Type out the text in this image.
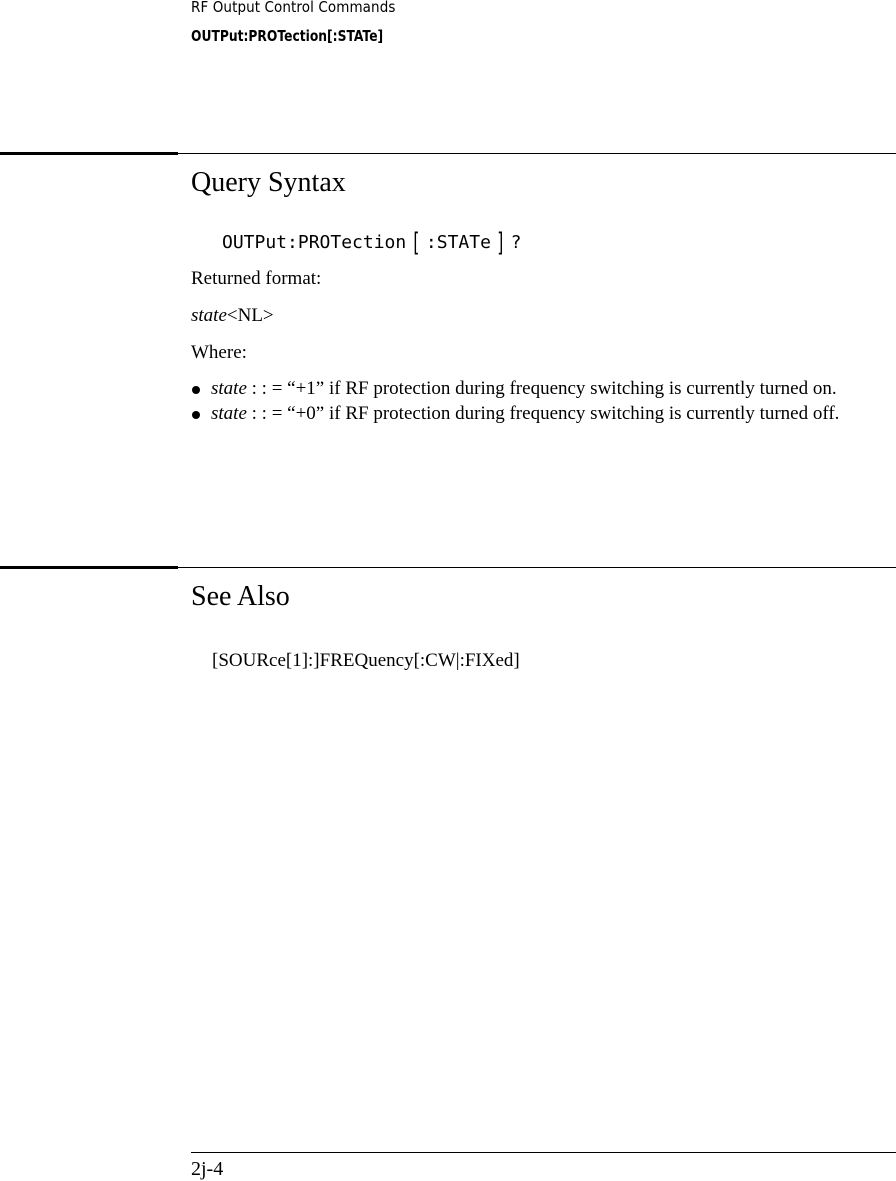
RF Output Control Commands
OUTPut:PROTection[:STATe]
Query Syntax
OUTPut:PROTection [ :STATe ] ?
Returned format:
state<NL>
Where:
state : : = “+1” if RF protection during frequency switching is currently turned on.
state : : = “+0” if RF protection during frequency switching is currently turned off.
See Also
[SOURce[1]:]FREQuency[:CW|:FIXed]
2j-4
